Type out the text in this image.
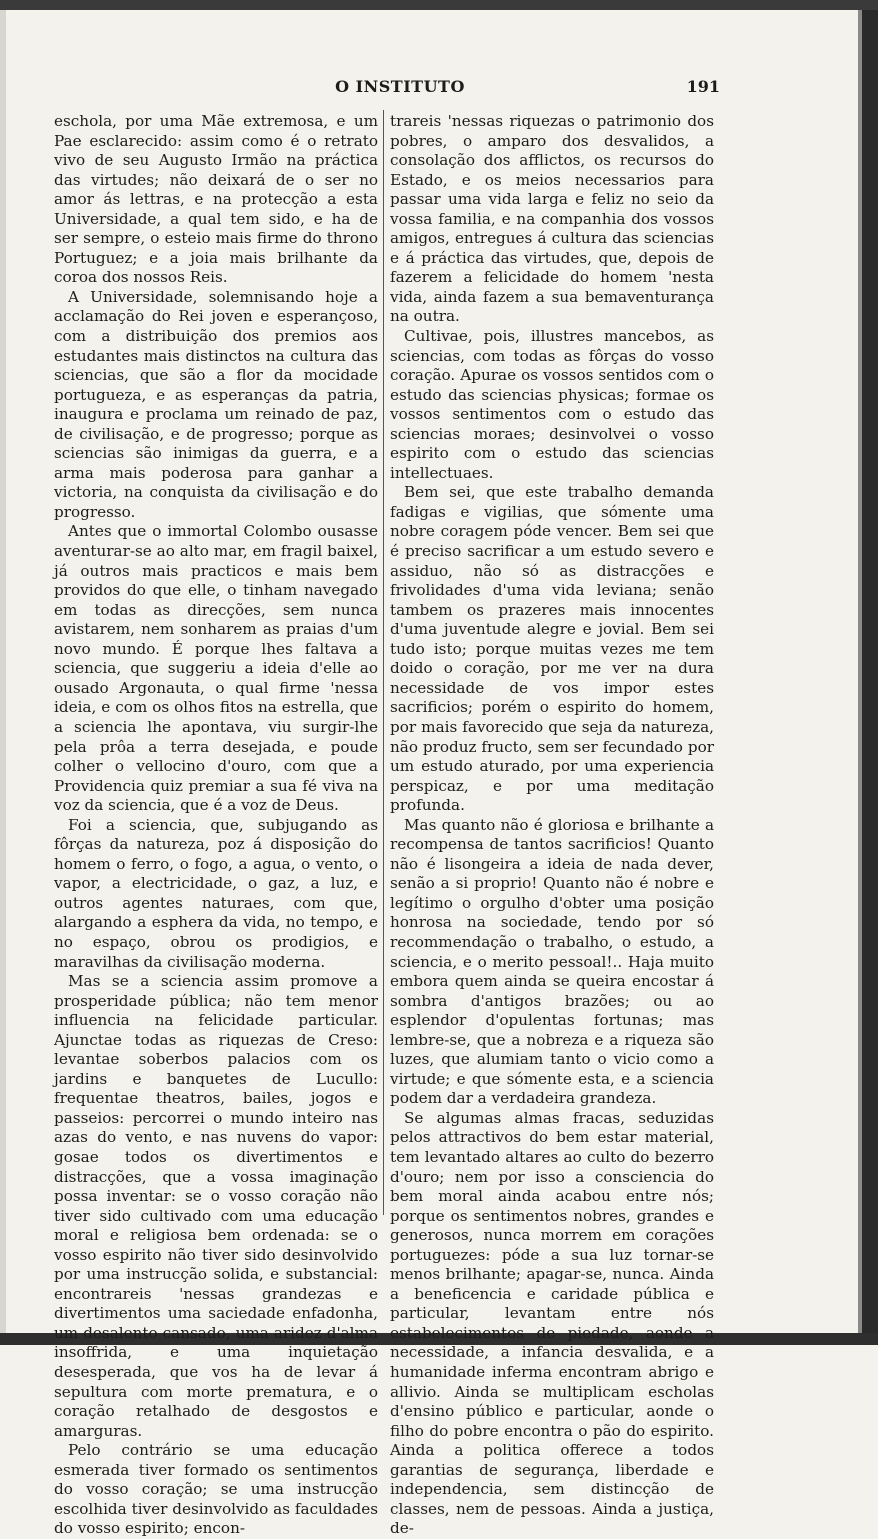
O INSTITUTO	191

eschola, por uma Mãe extremosa, e um Pae esclarecido: assim como é o retrato vivo de seu Augusto Irmão na práctica das virtudes; não deixará de o ser no amor ás lettras, e na protecção a esta Universidade, a qual tem sido, e ha de ser sempre, o esteio mais firme do throno Portuguez; e a joia mais brilhante da coroa dos nossos Reis.

A Universidade, solemnisando hoje a acclamação do Rei joven e esperançoso, com a distribuição dos premios aos estudantes mais distinctos na cultura das sciencias, que são a flor da mocidade portugueza, e as esperanças da patria, inaugura e proclama um reinado de paz, de civilisação, e de progresso; porque as sciencias são inimigas da guerra, e a arma mais poderosa para ganhar a victoria, na conquista da civilisação e do progresso.

Antes que o immortal Colombo ousasse aventurar-se ao alto mar, em fragil baixel, já outros mais practicos e mais bem providos do que elle, o tinham navegado em todas as direcções, sem nunca avistarem, nem sonharem as praias d'um novo mundo. É porque lhes faltava a sciencia, que suggeriu a ideia d'elle ao ousado Argonauta, o qual firme 'nessa ideia, e com os olhos fitos na estrella, que a sciencia lhe apontava, viu surgir-lhe pela prôa a terra desejada, e poude colher o vellocino d'ouro, com que a Providencia quiz premiar a sua fé viva na voz da sciencia, que é a voz de Deus.

Foi a sciencia, que, subjugando as fôrças da natureza, poz á disposição do homem o ferro, o fogo, a agua, o vento, o vapor, a electricidade, o gaz, a luz, e outros agentes naturaes, com que, alargando a esphera da vida, no tempo, e no espaço, obrou os prodigios, e maravilhas da civilisação moderna.

Mas se a sciencia assim promove a prosperidade pública; não tem menor influencia na felicidade particular. Ajunctae todas as riquezas de Creso: levantae soberbos palacios com os jardins e banquetes de Lucullo: frequentae theatros, bailes, jogos e passeios: percorrei o mundo inteiro nas azas do vento, e nas nuvens do vapor: gosae todos os divertimentos e distracções, que a vossa imaginação possa inventar: se o vosso coração não tiver sido cultivado com uma educação moral e religiosa bem ordenada: se o vosso espirito não tiver sido desinvolvido por uma instrucção solida, e substancial: encontrareis 'nessas grandezas e divertimentos uma saciedade enfadonha, um desalento cansado, uma aridez d'alma insoffrida, e uma inquietação desesperada, que vos ha de levar á sepultura com morte prematura, e o coração retalhado de desgostos e amarguras.

Pelo contrário se uma educação esmerada tiver formado os sentimentos do vosso coração; se uma instrucção escolhida tiver desinvolvido as faculdades do vosso espirito; encon-

trareis 'nessas riquezas o patrimonio dos pobres, o amparo dos desvalidos, a consolação dos afflictos, os recursos do Estado, e os meios necessarios para passar uma vida larga e feliz no seio da vossa familia, e na companhia dos vossos amigos, entregues á cultura das sciencias e á práctica das virtudes, que, depois de fazerem a felicidade do homem 'nesta vida, ainda fazem a sua bemaventurança na outra.

Cultivae, pois, illustres mancebos, as sciencias, com todas as fôrças do vosso coração. Apurae os vossos sentidos com o estudo das sciencias physicas; formae os vossos sentimentos com o estudo das sciencias moraes; desinvolvei o vosso espirito com o estudo das sciencias intellectuaes.

Bem sei, que este trabalho demanda fadigas e vigilias, que sómente uma nobre coragem póde vencer. Bem sei que é preciso sacrificar a um estudo severo e assiduo, não só as distracções e frivolidades d'uma vida leviana; senão tambem os prazeres mais innocentes d'uma juventude alegre e jovial. Bem sei tudo isto; porque muitas vezes me tem doido o coração, por me ver na dura necessidade de vos impor estes sacrificios; porém o espirito do homem, por mais favorecido que seja da natureza, não produz fructo, sem ser fecundado por um estudo aturado, por uma experiencia perspicaz, e por uma meditação profunda.

Mas quanto não é gloriosa e brilhante a recompensa de tantos sacrificios! Quanto não é lisongeira a ideia de nada dever, senão a si proprio! Quanto não é nobre e legítimo o orgulho d'obter uma posição honrosa na sociedade, tendo por só recommendação o trabalho, o estudo, a sciencia, e o merito pessoal!.. Haja muito embora quem ainda se queira encostar á sombra d'antigos brazões; ou ao esplendor d'opulentas fortunas; mas lembre-se, que a nobreza e a riqueza são luzes, que alumiam tanto o vicio como a virtude; e que sómente esta, e a sciencia podem dar a verdadeira grandeza.

Se algumas almas fracas, seduzidas pelos attractivos do bem estar material, tem levantado altares ao culto do bezerro d'ouro; nem por isso a consciencia do bem moral ainda acabou entre nós; porque os sentimentos nobres, grandes e generosos, nunca morrem em corações portuguezes: póde a sua luz tornar-se menos brilhante; apagar-se, nunca. Ainda a beneficencia e caridade pública e particular, levantam entre nós estabelecimentos de piedade, aonde a necessidade, a infancia desvalida, e a humanidade inferma encontram abrigo e allivio. Ainda se multiplicam escholas d'ensino público e particular, aonde o filho do pobre encontra o pão do espirito. Ainda a politica offerece a todos garantias de segurança, liberdade e independencia, sem distincção de classes, nem de pessoas. Ainda a justiça, de-
